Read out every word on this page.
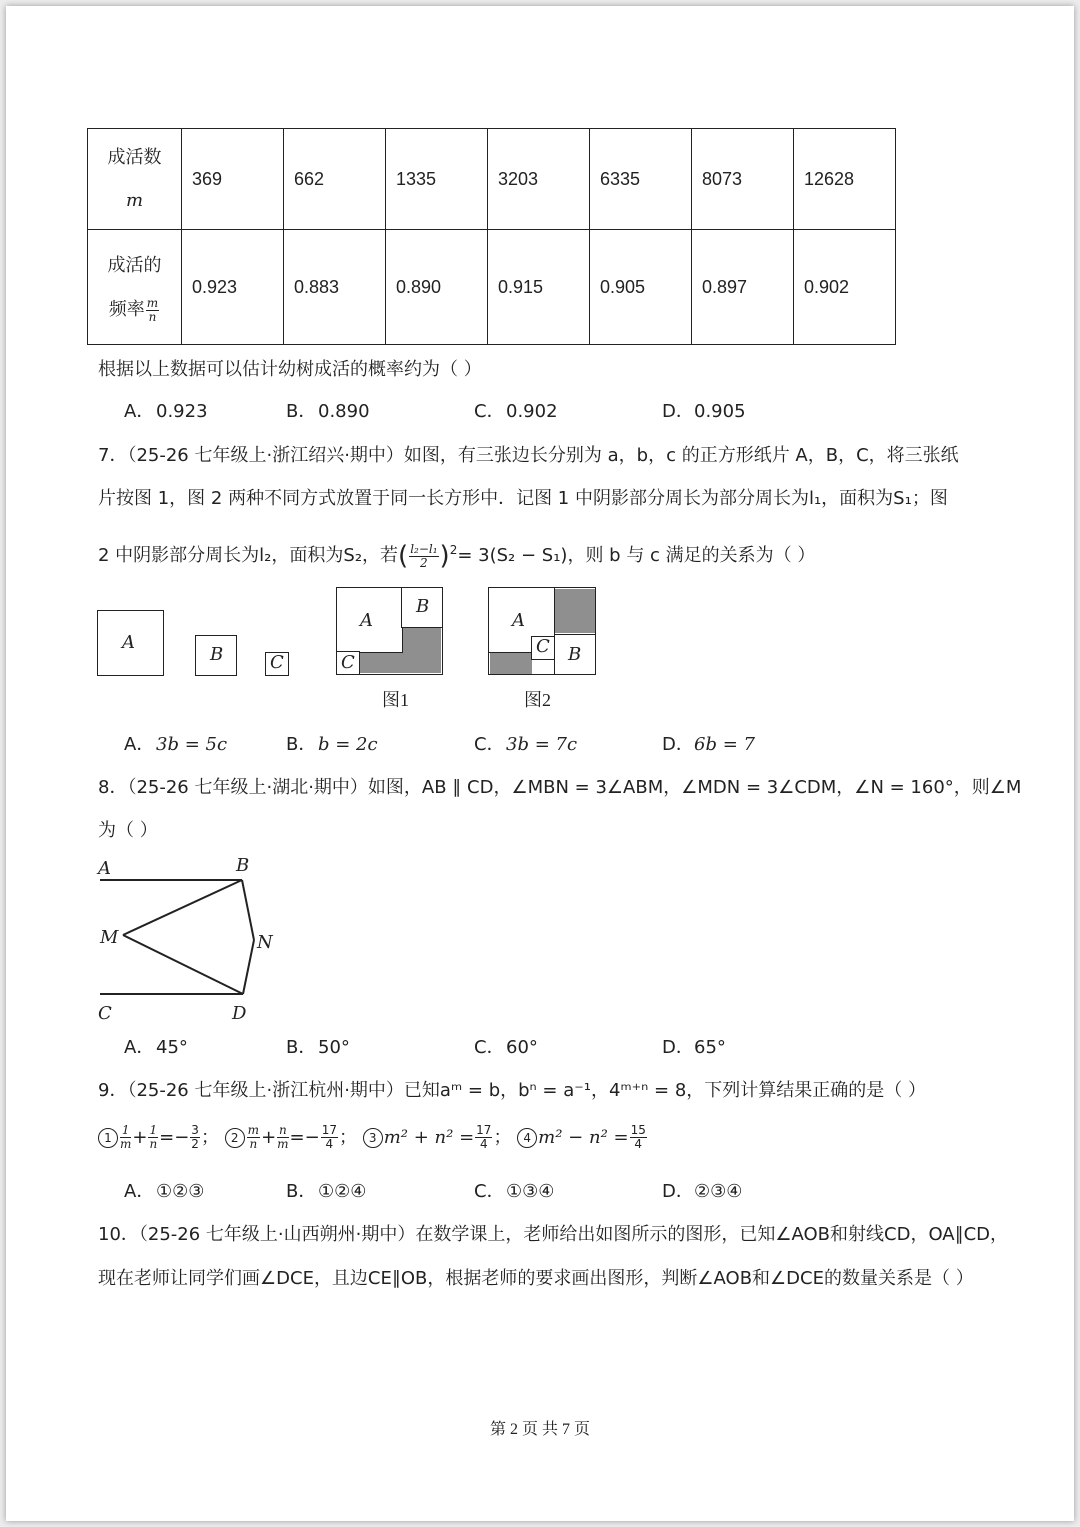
成活数
m	369	662	1335	3203	6335	8073	12628

成活的
频率 $\frac{m}{n}$	0.923	0.883	0.890	0.915	0.905	0.897	0.902
根据以上数据可以估计幼树成活的概率约为（ ）
A．0.923	B．0.890	C．0.902	D．0.905
7．（25-26 七年级上·浙江绍兴·期中）如图，有三张边长分别为 a，b，c 的正方形纸片 A，B，C，将三张纸
片按图 1，图 2 两种不同方式放置于同一长方形中．记图 1 中阴影部分周长为部分周长为l₁，面积为S₁；图
2 中阴影部分周长为l₂，面积为S₂，若( $\frac{\text{l₂−l₁}}{2} )^2= 3(S_2 - S_1)$，则 b 与 c 满足的关系为（ ）
A
B	C
A
B
C
图1
A
B
C
图2
A．3b = 5c	B．b = 2c	C．3b = 7c	D．6b = 7
8．（25-26 七年级上·湖北·期中）如图，AB ∥ CD，∠MBN = 3∠ABM，∠MDN = 3∠CDM，∠N = 160°，则∠M
为（ ）
A	B
M	N
C	D
A．45°	B．50°	C．60°	D．65°
9．（25-26 七年级上·浙江杭州·期中）已知aᵐ = b，bⁿ = a⁻¹，4ᵐ⁺ⁿ = 8，下列计算结果正确的是（ ）
$1 \frac{1}{m} + \frac{1}{n} =- \frac{3}{2}$ ； $2 \frac{m}{n} + \frac{n}{m} =- \frac{17}{4}$ ； 3 $m^2 + n^2 = \frac{17}{4}$ ； 4 $m^2 - n^2 = \frac{15}{4}$
A．①②③	B．①②④	C．①③④	D．②③④
10．（25-26 七年级上·山西朔州·期中）在数学课上，老师给出如图所示的图形，已知∠AOB和射线CD，OA∥CD，
现在老师让同学们画∠DCE，且边CE∥OB，根据老师的要求画出图形，判断∠AOB和∠DCE的数量关系是（ ）
第 2 页 共 7 页
